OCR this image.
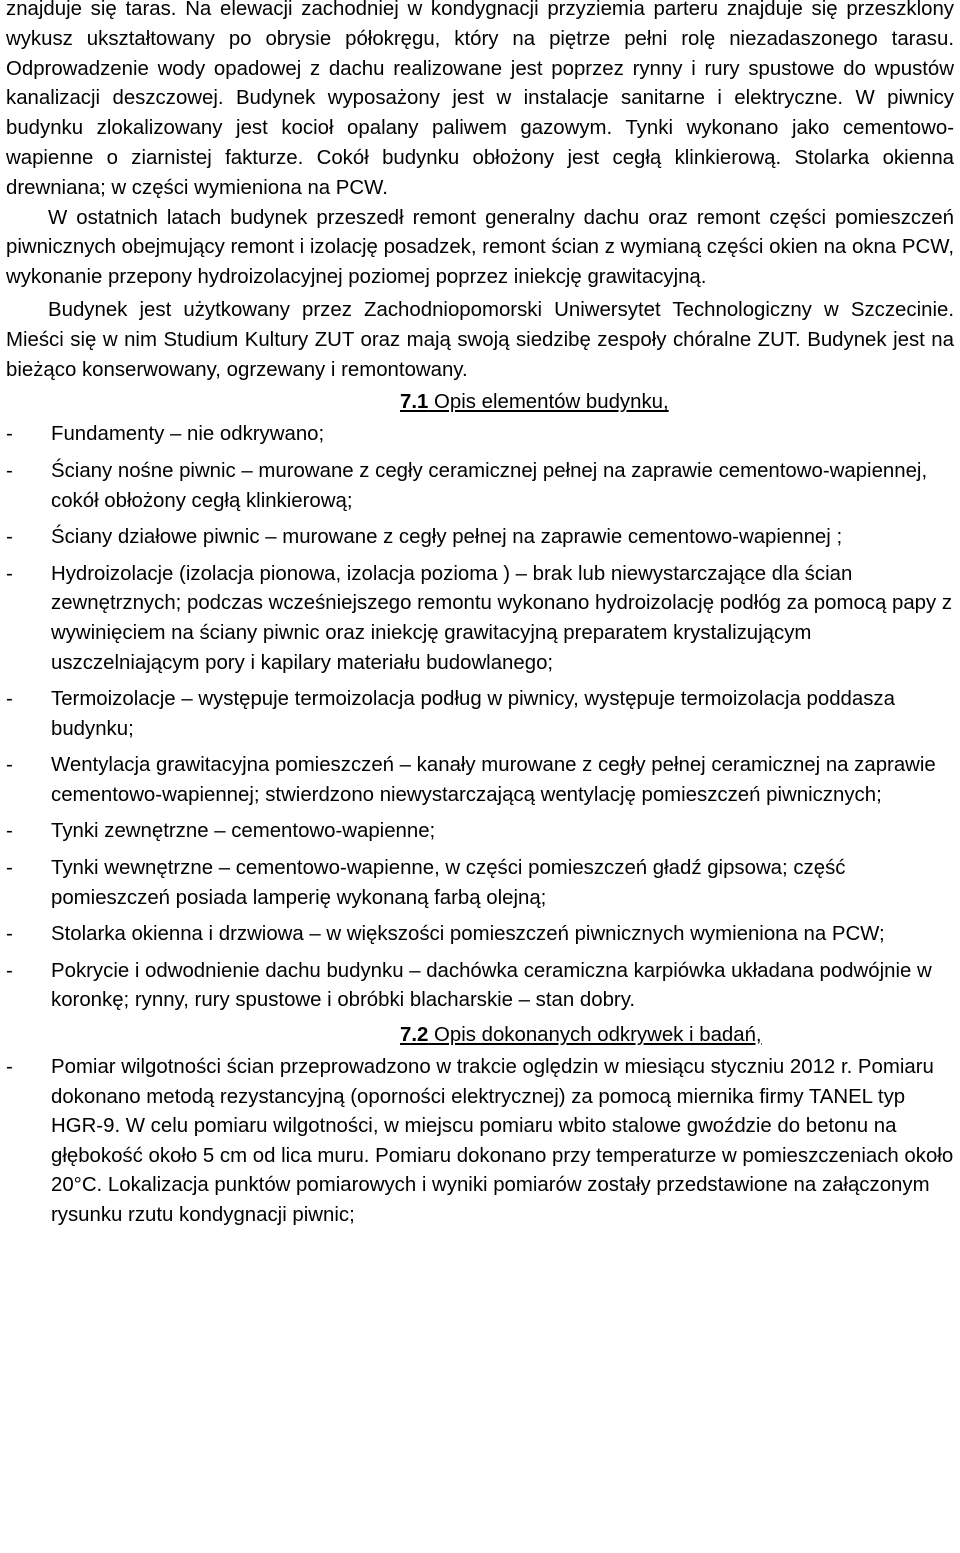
znajduje się taras. Na elewacji zachodniej w kondygnacji przyziemia parteru znajduje się przeszklony wykusz ukształtowany po obrysie półokręgu, który na piętrze pełni rolę niezadaszonego tarasu. Odprowadzenie wody opadowej z dachu realizowane jest poprzez rynny i rury spustowe do wpustów kanalizacji deszczowej. Budynek wyposażony jest w instalacje sanitarne i elektryczne. W piwnicy budynku zlokalizowany jest kocioł opalany paliwem gazowym. Tynki wykonano jako cementowo-wapienne o ziarnistej fakturze. Cokół budynku obłożony jest cegłą klinkierową. Stolarka okienna drewniana; w części wymieniona na PCW.

W ostatnich latach budynek przeszedł remont generalny dachu oraz remont części pomieszczeń piwnicznych obejmujący remont i izolację posadzek, remont ścian z wymianą części okien na okna PCW, wykonanie przepony hydroizolacyjnej poziomej poprzez iniekcję grawitacyjną.

Budynek jest użytkowany przez Zachodniopomorski Uniwersytet Technologiczny w Szczecinie. Mieści się w nim Studium Kultury ZUT oraz mają swoją siedzibę zespoły chóralne ZUT. Budynek jest na bieżąco konserwowany, ogrzewany i remontowany.

7.1 Opis elementów budynku,
- Fundamenty – nie odkrywano;
- Ściany nośne piwnic – murowane z cegły ceramicznej pełnej na zaprawie cementowo-wapiennej, cokół obłożony cegłą klinkierową;
- Ściany działowe piwnic – murowane z cegły pełnej na zaprawie cementowo-wapiennej ;
- Hydroizolacje (izolacja pionowa, izolacja pozioma ) – brak lub niewystarczające dla ścian zewnętrznych; podczas wcześniejszego remontu wykonano hydroizolację podłóg za pomocą papy z wywinięciem na ściany piwnic oraz iniekcję grawitacyjną preparatem krystalizującym uszczelniającym pory i kapilary materiału budowlanego;
- Termoizolacje – występuje termoizolacja podług w piwnicy, występuje termoizolacja poddasza budynku;
- Wentylacja grawitacyjna pomieszczeń – kanały murowane z cegły pełnej ceramicznej na zaprawie cementowo-wapiennej; stwierdzono niewystarczającą wentylację pomieszczeń piwnicznych;
- Tynki zewnętrzne – cementowo-wapienne;
- Tynki wewnętrzne – cementowo-wapienne, w części pomieszczeń gładź gipsowa; część pomieszczeń posiada lamperię wykonaną farbą olejną;
- Stolarka okienna i drzwiowa – w większości pomieszczeń piwnicznych wymieniona na PCW;
- Pokrycie i odwodnienie dachu budynku – dachówka ceramiczna karpiówka układana podwójnie w koronkę; rynny, rury spustowe i obróbki blacharskie – stan dobry.
7.2 Opis dokonanych odkrywek i badań,
- Pomiar wilgotności ścian przeprowadzono w trakcie oględzin w miesiącu styczniu 2012 r. Pomiaru dokonano metodą rezystancyjną (oporności elektrycznej) za pomocą miernika firmy TANEL typ HGR-9. W celu pomiaru wilgotności, w miejscu pomiaru wbito stalowe gwoździe do betonu na głębokość około 5 cm od lica muru. Pomiaru dokonano przy temperaturze w pomieszczeniach około 20°C. Lokalizacja punktów pomiarowych i wyniki pomiarów zostały przedstawione na załączonym rysunku rzutu kondygnacji piwnic;
